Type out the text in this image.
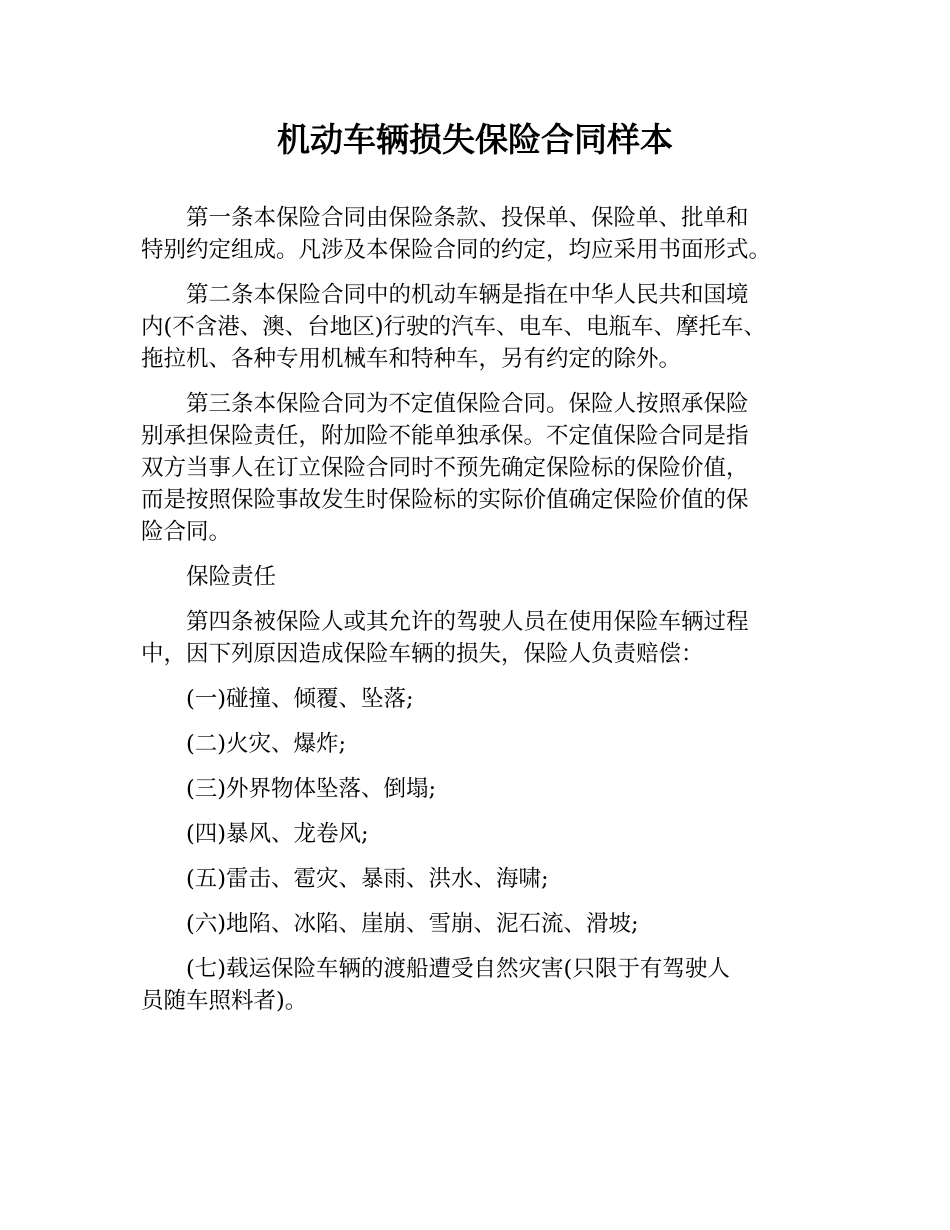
机动车辆损失保险合同样本

第一条本保险合同由保险条款、投保单、保险单、批单和
特别约定组成。凡涉及本保险合同的约定，均应采用书面形式。

第二条本保险合同中的机动车辆是指在中华人民共和国境
内(不含港、澳、台地区)行驶的汽车、电车、电瓶车、摩托车、
拖拉机、各种专用机械车和特种车，另有约定的除外。

第三条本保险合同为不定值保险合同。保险人按照承保险
别承担保险责任，附加险不能单独承保。不定值保险合同是指
双方当事人在订立保险合同时不预先确定保险标的保险价值，
而是按照保险事故发生时保险标的实际价值确定保险价值的保
险合同。

保险责任

第四条被保险人或其允许的驾驶人员在使用保险车辆过程
中，因下列原因造成保险车辆的损失，保险人负责赔偿：

(一)碰撞、倾覆、坠落;

(二)火灾、爆炸;

(三)外界物体坠落、倒塌;

(四)暴风、龙卷风;

(五)雷击、雹灾、暴雨、洪水、海啸;

(六)地陷、冰陷、崖崩、雪崩、泥石流、滑坡;

(七)载运保险车辆的渡船遭受自然灾害(只限于有驾驶人
员随车照料者)。
